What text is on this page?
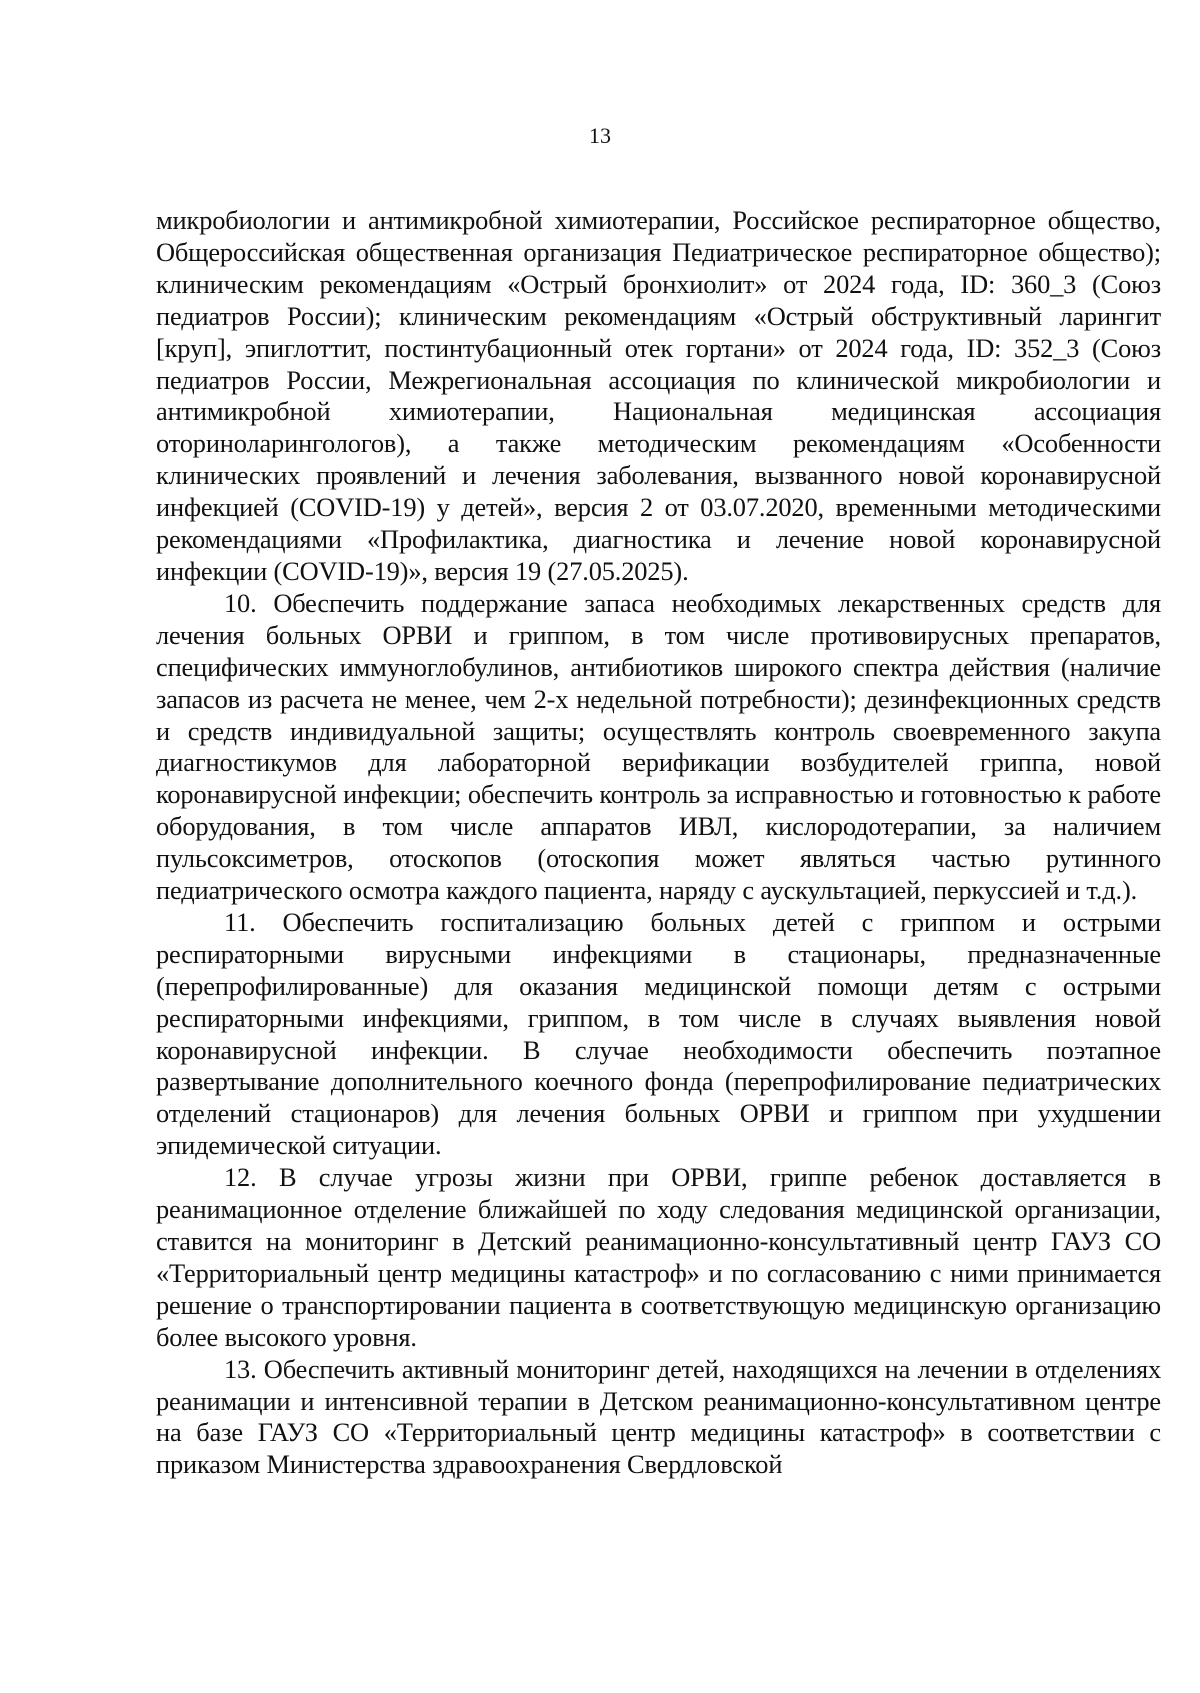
13

микробиологии и антимикробной химиотерапии, Российское респираторное общество, Общероссийская общественная организация Педиатрическое респираторное общество); клиническим рекомендациям «Острый бронхиолит» от 2024 года, ID: 360_3 (Союз педиатров России); клиническим рекомендациям «Острый обструктивный ларингит [круп], эпиглоттит, постинтубационный отек гортани» от 2024 года, ID: 352_3 (Союз педиатров России, Межрегиональная ассоциация по клинической микробиологии и антимикробной химиотерапии, Национальная медицинская ассоциация оториноларингологов), а также методическим рекомендациям «Особенности клинических проявлений и лечения заболевания, вызванного новой коронавирусной инфекцией (COVID-19) у детей», версия 2 от 03.07.2020, временными методическими рекомендациями «Профилактика, диагностика и лечение новой коронавирусной инфекции (COVID-19)», версия 19 (27.05.2025).

10. Обеспечить поддержание запаса необходимых лекарственных средств для лечения больных ОРВИ и гриппом, в том числе противовирусных препаратов, специфических иммуноглобулинов, антибиотиков широкого спектра действия (наличие запасов из расчета не менее, чем 2-х недельной потребности); дезинфекционных средств и средств индивидуальной защиты; осуществлять контроль своевременного закупа диагностикумов для лабораторной верификации возбудителей гриппа, новой коронавирусной инфекции; обеспечить контроль за исправностью и готовностью к работе оборудования, в том числе аппаратов ИВЛ, кислородотерапии, за наличием пульсоксиметров, отоскопов (отоскопия может являться частью рутинного педиатрического осмотра каждого пациента, наряду с аускультацией, перкуссией и т.д.).

11. Обеспечить госпитализацию больных детей с гриппом и острыми респираторными вирусными инфекциями в стационары, предназначенные (перепрофилированные) для оказания медицинской помощи детям с острыми респираторными инфекциями, гриппом, в том числе в случаях выявления новой коронавирусной инфекции. В случае необходимости обеспечить поэтапное развертывание дополнительного коечного фонда (перепрофилирование педиатрических отделений стационаров) для лечения больных ОРВИ и гриппом при ухудшении эпидемической ситуации.

12. В случае угрозы жизни при ОРВИ, гриппе ребенок доставляется в реанимационное отделение ближайшей по ходу следования медицинской организации, ставится на мониторинг в Детский реанимационно-консультативный центр ГАУЗ СО «Территориальный центр медицины катастроф» и по согласованию с ними принимается решение о транспортировании пациента в соответствующую медицинскую организацию более высокого уровня.

13. Обеспечить активный мониторинг детей, находящихся на лечении в отделениях реанимации и интенсивной терапии в Детском реанимационно-консультативном центре на базе ГАУЗ СО «Территориальный центр медицины катастроф» в соответствии с приказом Министерства здравоохранения Свердловской
